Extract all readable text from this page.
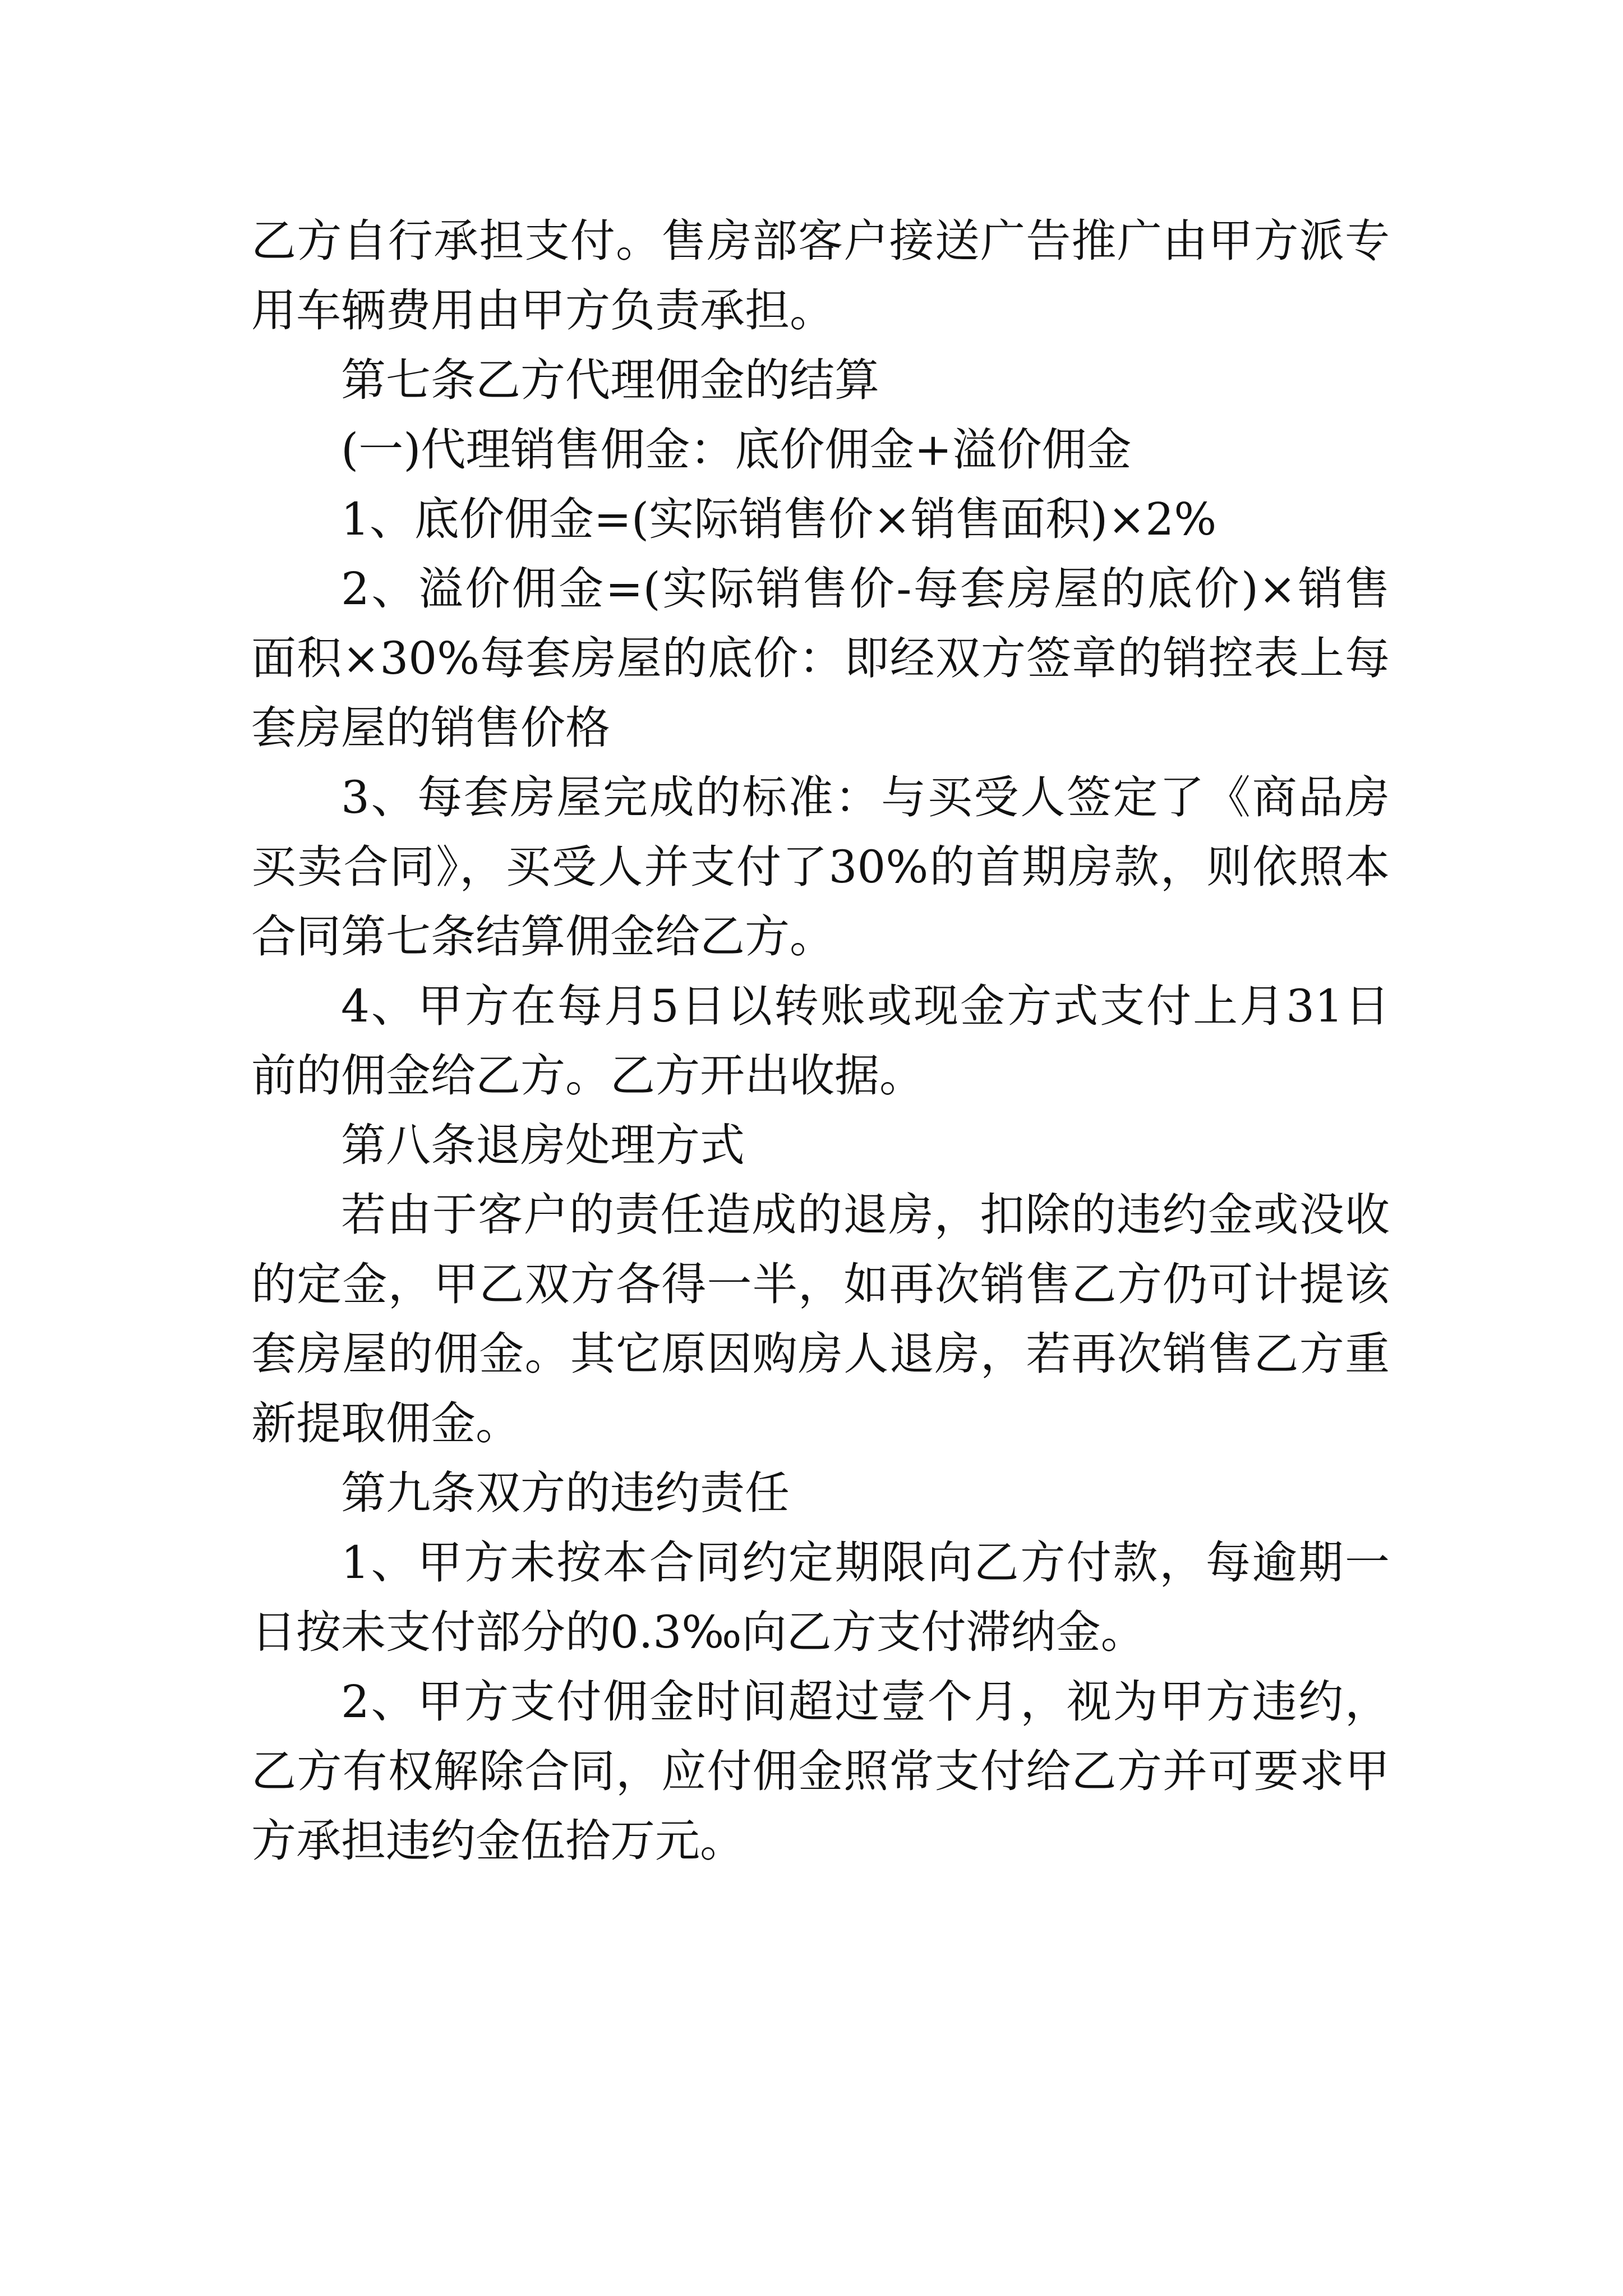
乙方自行承担支付。售房部客户接送广告推广由甲方派专用车辆费用由甲方负责承担。

第七条乙方代理佣金的结算

(一)代理销售佣金：底价佣金+溢价佣金

1、底价佣金=(实际销售价×销售面积)×2%

2、溢价佣金=(实际销售价-每套房屋的底价)×销售面积×30%每套房屋的底价：即经双方签章的销控表上每套房屋的销售价格

3、每套房屋完成的标准：与买受人签定了《商品房买卖合同》，买受人并支付了30%的首期房款，则依照本合同第七条结算佣金给乙方。

4、甲方在每月5日以转账或现金方式支付上月31日前的佣金给乙方。乙方开出收据。

第八条退房处理方式

若由于客户的责任造成的退房，扣除的违约金或没收的定金，甲乙双方各得一半，如再次销售乙方仍可计提该套房屋的佣金。其它原因购房人退房，若再次销售乙方重新提取佣金。

第九条双方的违约责任

1、甲方未按本合同约定期限向乙方付款，每逾期一日按未支付部分的0.3‰向乙方支付滞纳金。

2、甲方支付佣金时间超过壹个月，视为甲方违约，乙方有权解除合同，应付佣金照常支付给乙方并可要求甲方承担违约金伍拾万元。
